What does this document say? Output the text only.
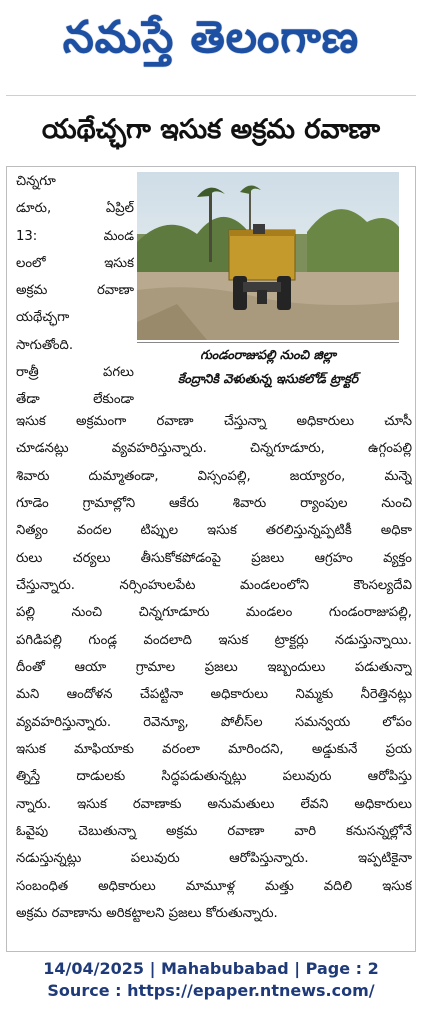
నమస్తే తెలంగాణ
యథేచ్ఛగా ఇసుక అక్రమ రవాణా
చిన్నగూ
డూరు,	ఏప్రిల్
13:	మండ
లంలో	ఇసుక
అక్రమ	రవాణా
యథేచ్ఛగా
సాగుతోంది.
రాత్రీ	పగలు
తేడా	లేకుండా
గుండంరాజుపల్లి నుంచి జిల్లా
కేంద్రానికి వెళుతున్న ఇసుకలోడ్ ట్రాక్టర్
ఇసుక అక్రమంగా రవాణా చేస్తున్నా అధికారులు చూసీ
చూడనట్లు వ్యవహరిస్తున్నారు. చిన్నగూడూరు, ఉగ్గంపల్లి
శివారు దుమ్మాతండా, విస్సంపల్లి, జయ్యారం, మన్నె
గూడెం గ్రామాల్లోని ఆకేరు శివారు ర్యాంపుల నుంచి
నిత్యం వందల టిప్పుల ఇసుక తరలిస్తున్నప్పటికీ అధికా
రులు చర్యలు తీసుకోకపోడంపై ప్రజలు ఆగ్రహం వ్యక్తం
చేస్తున్నారు. నర్సింహులపేట మండలంలోని కౌంసల్యదేవి
పల్లి నుంచి చిన్నగూడూరు మండలం గుండంరాజుపల్లి,
పగిడిపల్లి గుండ్ల వందలాది ఇసుక ట్రాక్టర్లు నడుస్తున్నాయి.
దీంతో ఆయా గ్రామాల ప్రజలు ఇబ్బందులు పడుతున్నా
మని ఆందోళన చేపట్టినా అధికారులు నిమ్మకు నీరెత్తినట్లు
వ్యవహరిస్తున్నారు. రెవెన్యూ, పోలీస్‌ల సమన్వయ లోపం
ఇసుక మాఫియాకు వరంలా మారిందని, అడ్డుకునే ప్రయ
త్నిస్తే దాడులకు సిద్ధపడుతున్నట్లు పలువురు ఆరోపిస్తు
న్నారు. ఇసుక రవాణాకు అనుమతులు లేవని అధికారులు
ఓవైపు చెబుతున్నా అక్రమ రవాణా వారి కనుసన్నల్లోనే
నడుస్తున్నట్లు పలువురు ఆరోపిస్తున్నారు. ఇప్పటికైనా
సంబంధిత అధికారులు మామూళ్ల మత్తు వదిలి ఇసుక
అక్రమ రవాణాను అరికట్టాలని ప్రజలు కోరుతున్నారు.
14/04/2025 | Mahabubabad | Page : 2
Source : https://epaper.ntnews.com/
